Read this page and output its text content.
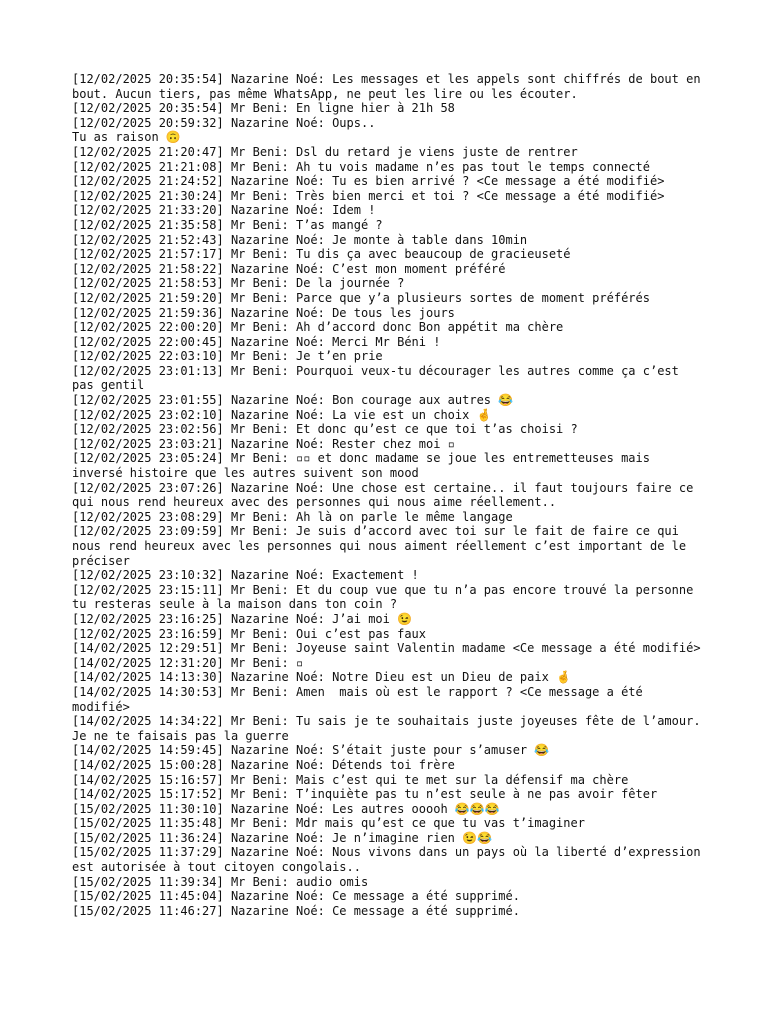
[12/02/2025 20:35:54] Nazarine Noé: Les messages et les appels sont chiffrés de bout en bout. Aucun tiers, pas même WhatsApp, ne peut les lire ou les écouter.
[12/02/2025 20:35:54] Mr Beni: En ligne hier à 21h 58
[12/02/2025 20:59:32] Nazarine Noé: Oups..
Tu as raison 🙃
[12/02/2025 21:20:47] Mr Beni: Dsl du retard je viens juste de rentrer
[12/02/2025 21:21:08] Mr Beni: Ah tu vois madame n’es pas tout le temps connecté
[12/02/2025 21:24:52] Nazarine Noé: Tu es bien arrivé ? <Ce message a été modifié>
[12/02/2025 21:30:24] Mr Beni: Très bien merci et toi ? <Ce message a été modifié>
[12/02/2025 21:33:20] Nazarine Noé: Idem !
[12/02/2025 21:35:58] Mr Beni: T’as mangé ?
[12/02/2025 21:52:43] Nazarine Noé: Je monte à table dans 10min
[12/02/2025 21:57:17] Mr Beni: Tu dis ça avec beaucoup de gracieuseté
[12/02/2025 21:58:22] Nazarine Noé: C’est mon moment préféré
[12/02/2025 21:58:53] Mr Beni: De la journée ?
[12/02/2025 21:59:20] Mr Beni: Parce que y’a plusieurs sortes de moment préférés
[12/02/2025 21:59:36] Nazarine Noé: De tous les jours
[12/02/2025 22:00:20] Mr Beni: Ah d’accord donc Bon appétit ma chère
[12/02/2025 22:00:45] Nazarine Noé: Merci Mr Béni !
[12/02/2025 22:03:10] Mr Beni: Je t’en prie
[12/02/2025 23:01:13] Mr Beni: Pourquoi veux-tu décourager les autres comme ça c’est pas gentil
[12/02/2025 23:01:55] Nazarine Noé: Bon courage aux autres 😂
[12/02/2025 23:02:10] Nazarine Noé: La vie est un choix 🤞
[12/02/2025 23:02:56] Mr Beni: Et donc qu’est ce que toi t’as choisi ?
[12/02/2025 23:03:21] Nazarine Noé: Rester chez moi ▫
[12/02/2025 23:05:24] Mr Beni: ▫▫ et donc madame se joue les entremetteuses mais inversé histoire que les autres suivent son mood
[12/02/2025 23:07:26] Nazarine Noé: Une chose est certaine.. il faut toujours faire ce qui nous rend heureux avec des personnes qui nous aime réellement..
[12/02/2025 23:08:29] Mr Beni: Ah là on parle le même langage
[12/02/2025 23:09:59] Mr Beni: Je suis d’accord avec toi sur le fait de faire ce qui nous rend heureux avec les personnes qui nous aiment réellement c’est important de le préciser
[12/02/2025 23:10:32] Nazarine Noé: Exactement !
[12/02/2025 23:15:11] Mr Beni: Et du coup vue que tu n’a pas encore trouvé la personne tu resteras seule à la maison dans ton coin ?
[12/02/2025 23:16:25] Nazarine Noé: J’ai moi 😉
[12/02/2025 23:16:59] Mr Beni: Oui c’est pas faux
[14/02/2025 12:29:51] Mr Beni: Joyeuse saint Valentin madame <Ce message a été modifié>
[14/02/2025 12:31:20] Mr Beni: ▫
[14/02/2025 14:13:30] Nazarine Noé: Notre Dieu est un Dieu de paix 🤞
[14/02/2025 14:30:53] Mr Beni: Amen  mais où est le rapport ? <Ce message a été modifié>
[14/02/2025 14:34:22] Mr Beni: Tu sais je te souhaitais juste joyeuses fête de l’amour. Je ne te faisais pas la guerre
[14/02/2025 14:59:45] Nazarine Noé: S’était juste pour s’amuser 😂
[14/02/2025 15:00:28] Nazarine Noé: Détends toi frère
[14/02/2025 15:16:57] Mr Beni: Mais c’est qui te met sur la défensif ma chère
[14/02/2025 15:17:52] Mr Beni: T’inquiète pas tu n’est seule à ne pas avoir fêter
[15/02/2025 11:30:10] Nazarine Noé: Les autres ooooh 😂😂😂
[15/02/2025 11:35:48] Mr Beni: Mdr mais qu’est ce que tu vas t’imaginer
[15/02/2025 11:36:24] Nazarine Noé: Je n’imagine rien 😉😂
[15/02/2025 11:37:29] Nazarine Noé: Nous vivons dans un pays où la liberté d’expression est autorisée à tout citoyen congolais..
[15/02/2025 11:39:34] Mr Beni: audio omis
[15/02/2025 11:45:04] Nazarine Noé: Ce message a été supprimé.
[15/02/2025 11:46:27] Nazarine Noé: Ce message a été supprimé.
